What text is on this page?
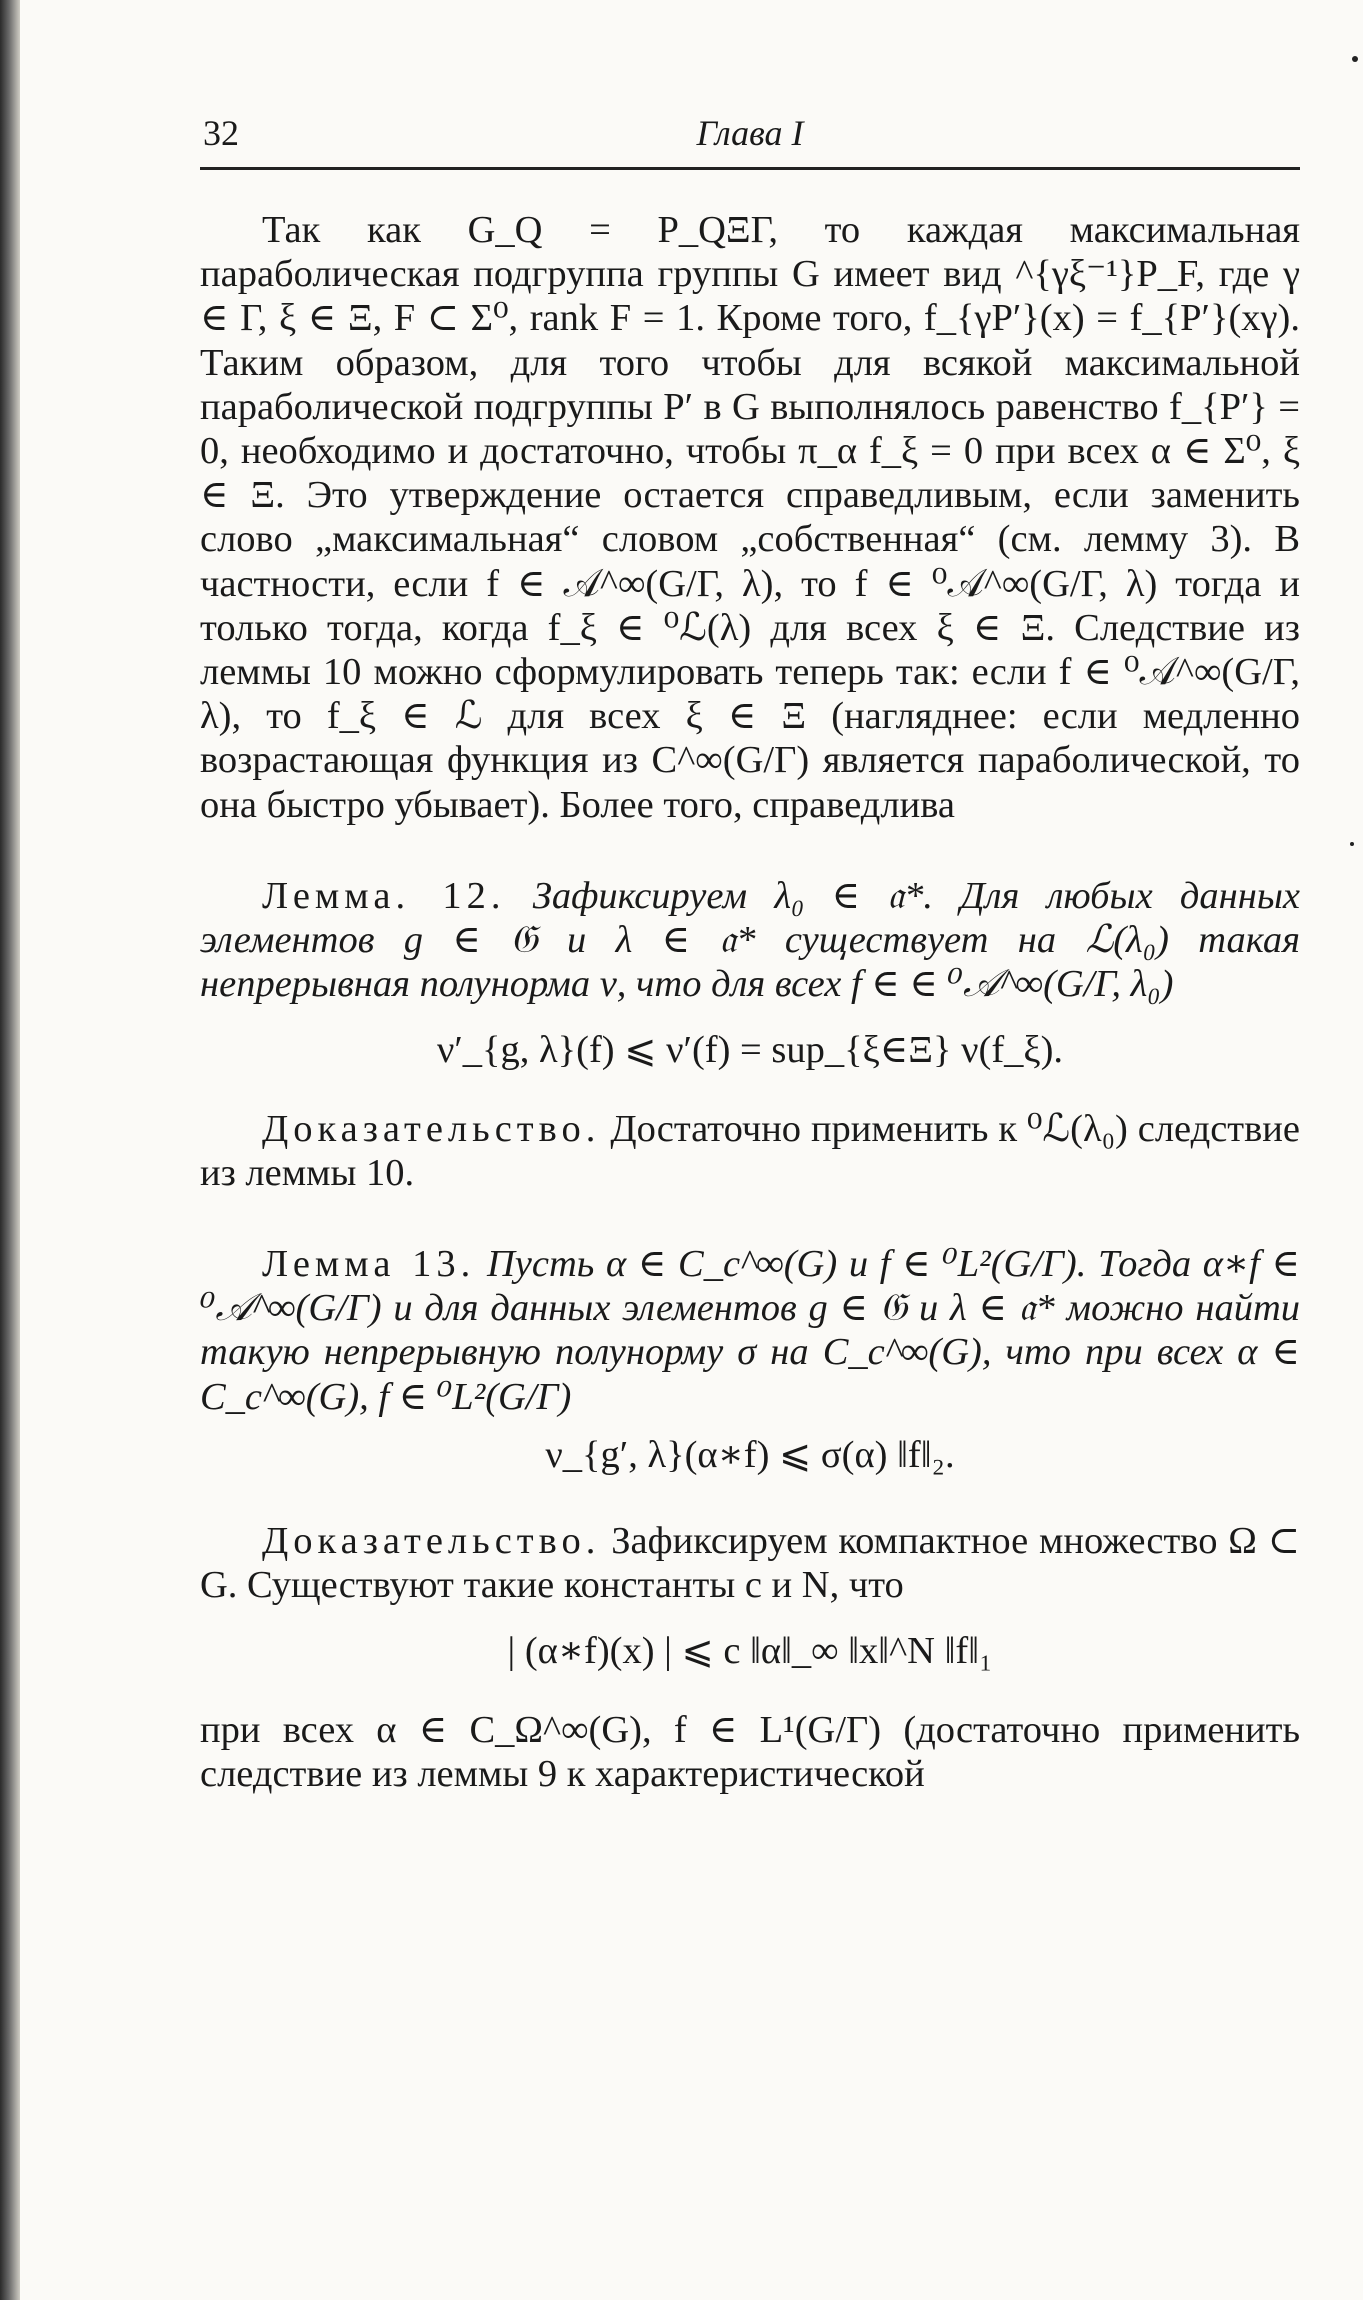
32	Глава I

Так как G_Q = P_QΞΓ, то каждая максимальная параболическая подгруппа группы G имеет вид ^{γξ⁻¹}P_F, где γ ∈ Γ, ξ ∈ Ξ, F ⊂ Σ⁰, rank F = 1. Кроме того, f_{γP′}(x) = f_{P′}(xγ). Таким образом, для того чтобы для всякой максимальной параболической подгруппы P′ в G выполнялось равенство f_{P′} = 0, необходимо и достаточно, чтобы π_α f_ξ = 0 при всех α ∈ Σ⁰, ξ ∈ Ξ. Это утверждение остается справедливым, если заменить слово „максимальная“ словом „собственная“ (см. лемму 3). В частности, если f ∈ 𝒜^∞(G/Γ, λ), то f ∈ ⁰𝒜^∞(G/Γ, λ) тогда и только тогда, когда f_ξ ∈ ⁰ℒ(λ) для всех ξ ∈ Ξ. Следствие из леммы 10 можно сформулировать теперь так: если f ∈ ⁰𝒜^∞(G/Γ, λ), то f_ξ ∈ ℒ для всех ξ ∈ Ξ (нагляднее: если медленно возрастающая функция из C^∞(G/Γ) является параболической, то она быстро убывает). Более того, справедлива

Лемма. 12. Зафиксируем λ₀ ∈ 𝔞*. Для любых данных элементов g ∈ 𝔊 и λ ∈ 𝔞* существует на ℒ(λ₀) такая непрерывная полунорма ν, что для всех f ∈ ∈ ⁰𝒜^∞(G/Γ, λ₀)

ν′_{g, λ}(f) ⩽ ν′(f) = sup_{ξ∈Ξ} ν(f_ξ).

Доказательство. Достаточно применить к ⁰ℒ(λ₀) следствие из леммы 10.

Лемма 13. Пусть α ∈ C_c^∞(G) и f ∈ ⁰L²(G/Γ). Тогда α∗f ∈ ⁰𝒜^∞(G/Γ) и для данных элементов g ∈ 𝔊 и λ ∈ 𝔞* можно найти такую непрерывную полунорму σ на C_c^∞(G), что при всех α ∈ C_c^∞(G), f ∈ ⁰L²(G/Γ)

ν_{g′, λ}(α∗f) ⩽ σ(α) ‖f‖₂.

Доказательство. Зафиксируем компактное множество Ω ⊂ G. Существуют такие константы c и N, что

| (α∗f)(x) | ⩽ c ‖α‖_∞ ‖x‖^N ‖f‖₁

при всех α ∈ C_Ω^∞(G), f ∈ L¹(G/Γ) (достаточно применить следствие из леммы 9 к характеристической
